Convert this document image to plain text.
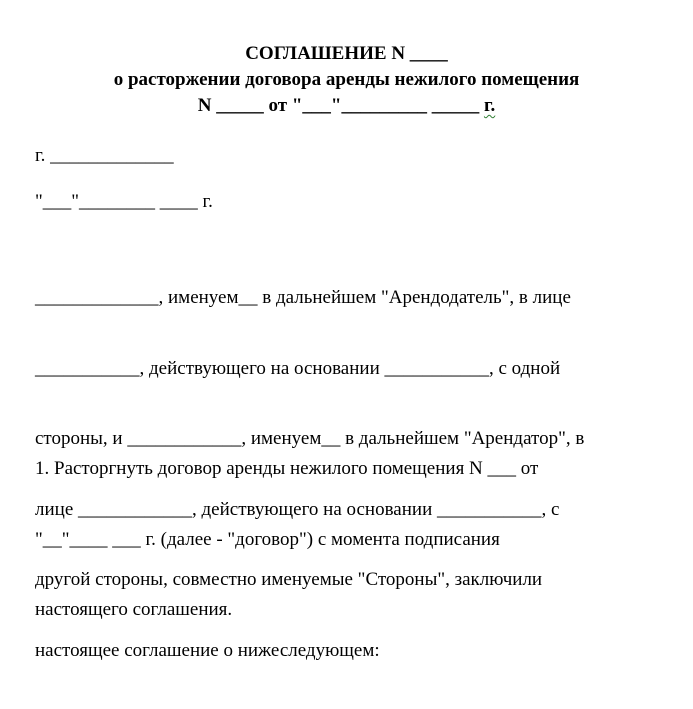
СОГЛАШЕНИЕ N ____
о расторжении договора аренды нежилого помещения
N _____ от "___"_________ _____ г.
г. _____________
"___"________ ____ г.

_____________, именуем__ в дальнейшем "Арендодатель", в лице

___________, действующего на основании ___________, с одной

стороны, и ____________, именуем__ в дальнейшем "Арендатор", в

лице ____________, действующего на основании ___________, с

другой стороны, совместно именуемые "Стороны", заключили

настоящее соглашение о нижеследующем:

1. Расторгнуть договор аренды нежилого помещения N ___ от

"__"____ ___ г. (далее - "договор") с момента подписания

настоящего соглашения.
